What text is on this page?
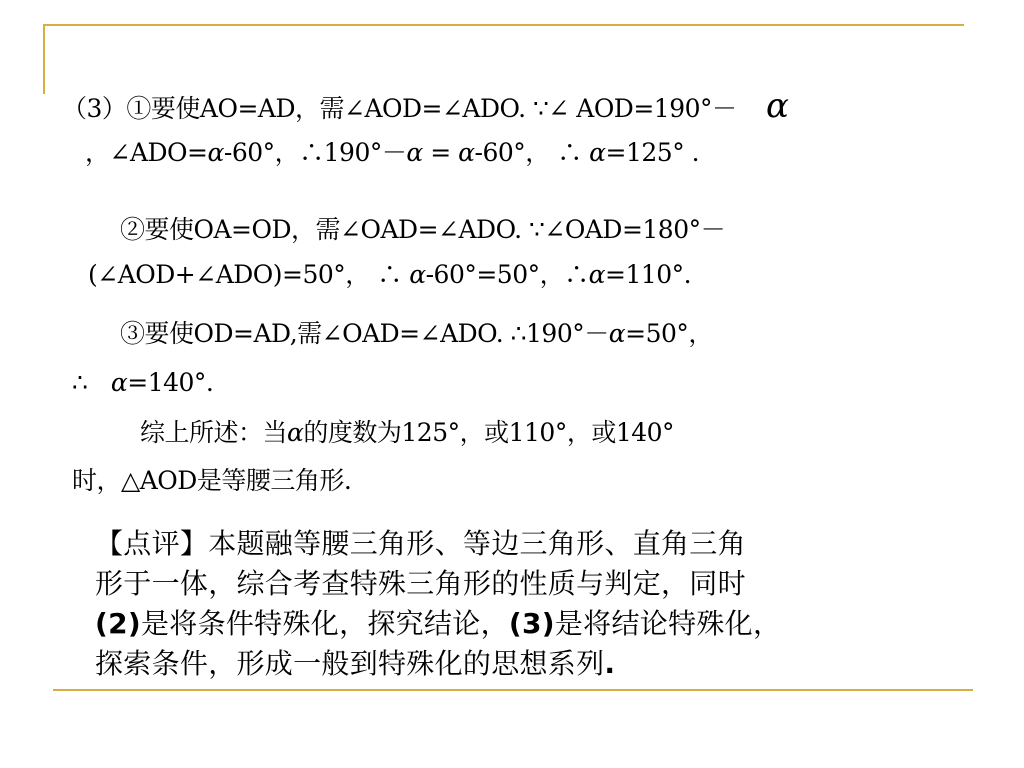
（3）①要使AO=AD，需∠AOD=∠ADO. ∵∠ AOD=190°－ α
，∠ADO=α-60°，∴190°－α = α-60°， ∴ α=125° .
②要使OA=OD，需∠OAD=∠ADO. ∵∠OAD=180°－
(∠AOD+∠ADO)=50°， ∴ α-60°=50°，∴α=110°.
③要使OD=AD,需∠OAD=∠ADO. ∴190°－α=50°，
∴ α=140°.
综上所述：当α的度数为125°，或110°，或140°
时，△AOD是等腰三角形.
【点评】本题融等腰三角形、等边三角形、直角三角
形于一体，综合考查特殊三角形的性质与判定，同时
(2)是将条件特殊化，探究结论，(3)是将结论特殊化，
探索条件，形成一般到特殊化的思想系列.
